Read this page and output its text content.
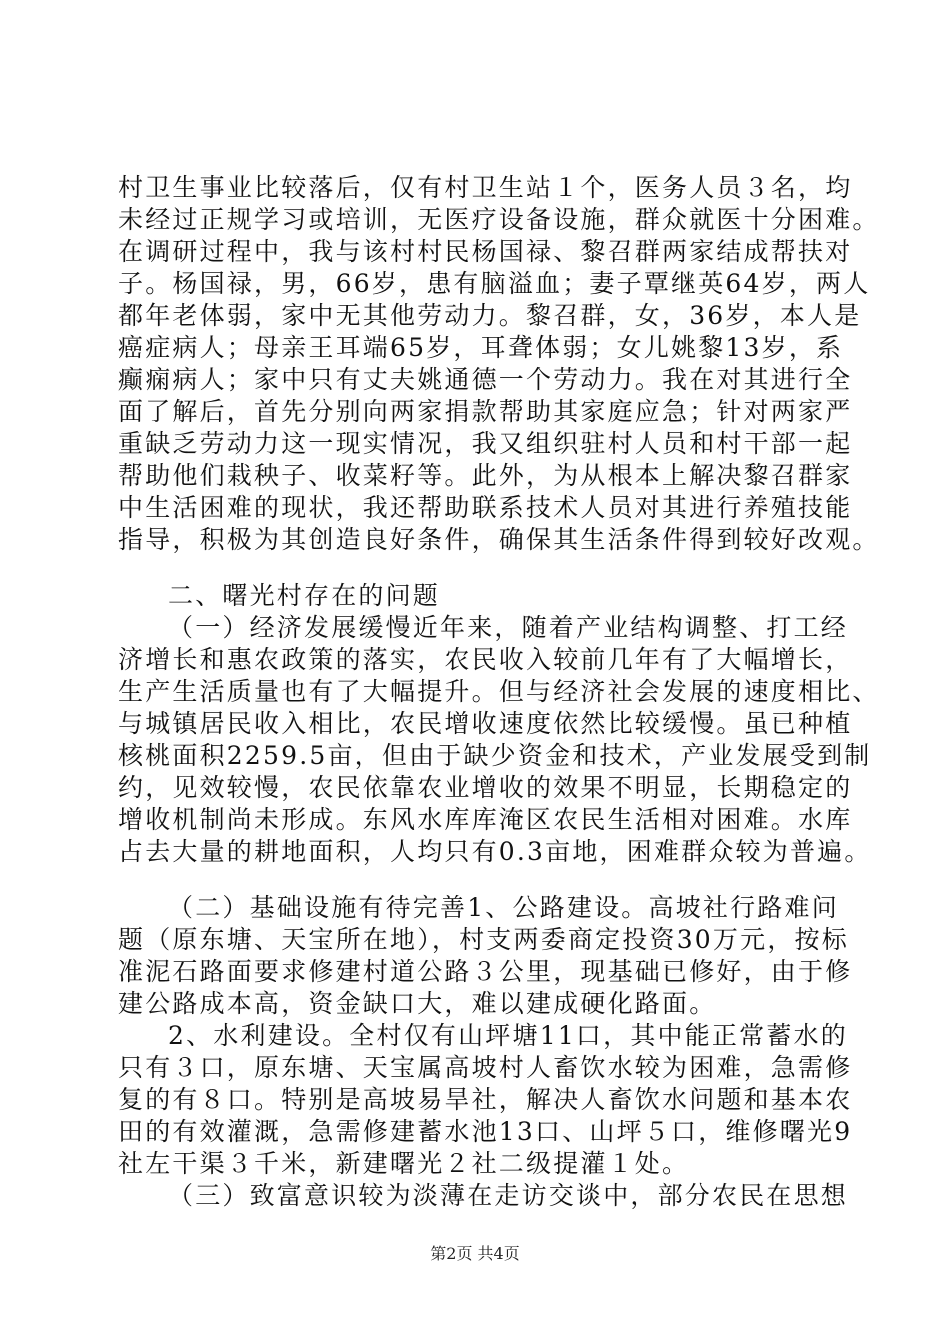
村卫生事业比较落后，仅有村卫生站１个，医务人员３名，均
未经过正规学习或培训，无医疗设备设施，群众就医十分困难。
在调研过程中，我与该村村民杨国禄、黎召群两家结成帮扶对
子。杨国禄，男，66岁，患有脑溢血；妻子覃继英64岁，两人
都年老体弱，家中无其他劳动力。黎召群，女，36岁，本人是
癌症病人；母亲王耳端65岁，耳聋体弱；女儿姚黎13岁，系
癫痫病人；家中只有丈夫姚通德一个劳动力。我在对其进行全
面了解后，首先分别向两家捐款帮助其家庭应急；针对两家严
重缺乏劳动力这一现实情况，我又组织驻村人员和村干部一起
帮助他们栽秧子、收菜籽等。此外，为从根本上解决黎召群家
中生活困难的现状，我还帮助联系技术人员对其进行养殖技能
指导，积极为其创造良好条件，确保其生活条件得到较好改观。
二、曙光村存在的问题
（一）经济发展缓慢近年来，随着产业结构调整、打工经
济增长和惠农政策的落实，农民收入较前几年有了大幅增长，
生产生活质量也有了大幅提升。但与经济社会发展的速度相比、
与城镇居民收入相比，农民增收速度依然比较缓慢。虽已种植
核桃面积2259.5亩，但由于缺少资金和技术，产业发展受到制
约，见效较慢，农民依靠农业增收的效果不明显，长期稳定的
增收机制尚未形成。东风水库库淹区农民生活相对困难。水库
占去大量的耕地面积，人均只有0.3亩地，困难群众较为普遍。
（二）基础设施有待完善1、公路建设。高坡社行路难问
题（原东塘、天宝所在地），村支两委商定投资30万元，按标
准泥石路面要求修建村道公路３公里，现基础已修好，由于修
建公路成本高，资金缺口大，难以建成硬化路面。
2、水利建设。全村仅有山坪塘11口，其中能正常蓄水的
只有３口，原东塘、天宝属高坡村人畜饮水较为困难，急需修
复的有８口。特别是高坡易旱社，解决人畜饮水问题和基本农
田的有效灌溉，急需修建蓄水池13口、山坪５口，维修曙光9
社左干渠３千米，新建曙光２社二级提灌１处。
（三）致富意识较为淡薄在走访交谈中，部分农民在思想
第2页 共4页
